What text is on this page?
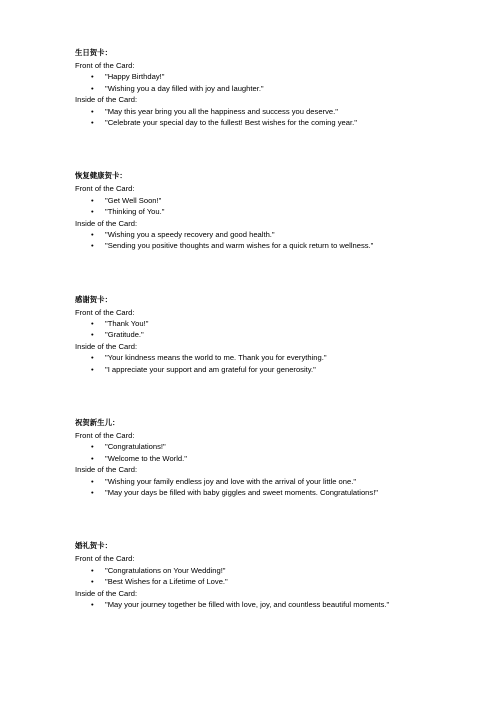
生日贺卡：
Front of the Card:
• "Happy Birthday!"
• "Wishing you a day filled with joy and laughter."
Inside of the Card:
• "May this year bring you all the happiness and success you deserve."
• "Celebrate your special day to the fullest! Best wishes for the coming year."
恢复健康贺卡：
Front of the Card:
• "Get Well Soon!"
• "Thinking of You."
Inside of the Card:
• "Wishing you a speedy recovery and good health."
• "Sending you positive thoughts and warm wishes for a quick return to wellness."
感谢贺卡：
Front of the Card:
• "Thank You!"
• "Gratitude."
Inside of the Card:
• "Your kindness means the world to me. Thank you for everything."
• "I appreciate your support and am grateful for your generosity."
祝贺新生儿：
Front of the Card:
• "Congratulations!"
• "Welcome to the World."
Inside of the Card:
• "Wishing your family endless joy and love with the arrival of your little one."
• "May your days be filled with baby giggles and sweet moments. Congratulations!"
婚礼贺卡：
Front of the Card:
• "Congratulations on Your Wedding!"
• "Best Wishes for a Lifetime of Love."
Inside of the Card:
• "May your journey together be filled with love, joy, and countless beautiful moments."
